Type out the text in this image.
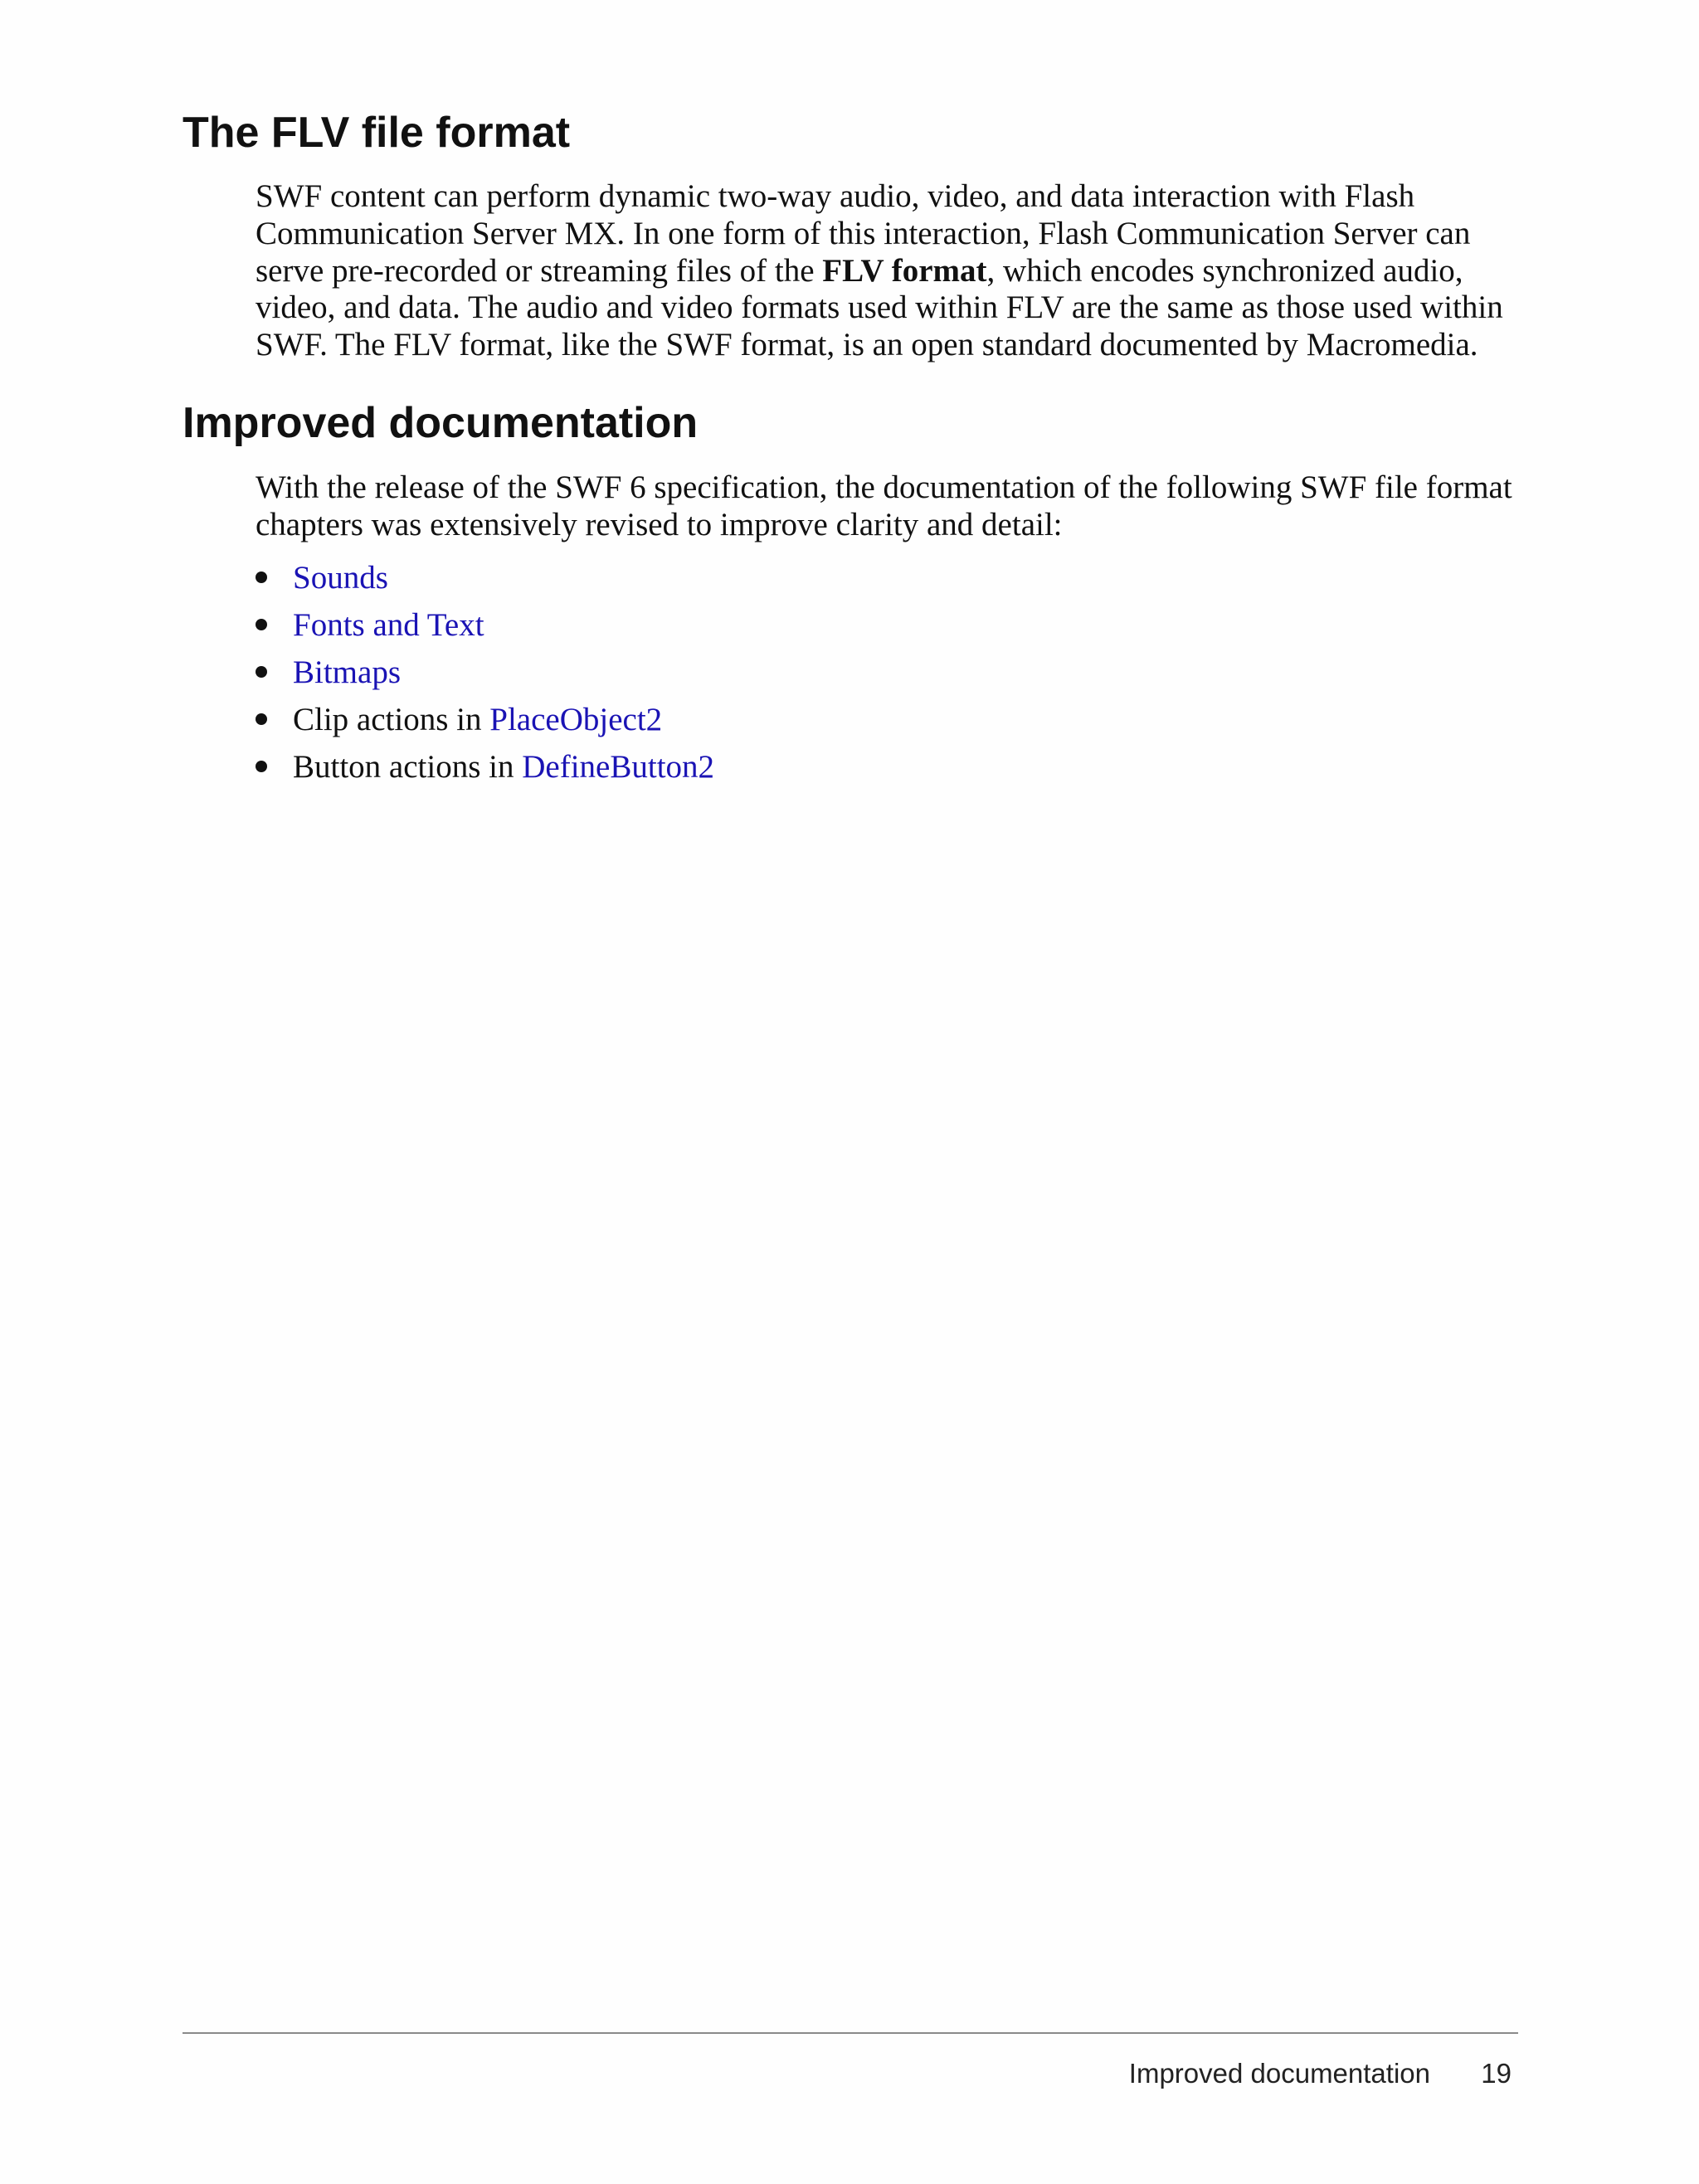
The FLV file format

SWF content can perform dynamic two-way audio, video, and data interaction with Flash
Communication Server MX. In one form of this interaction, Flash Communication Server can
serve pre-recorded or streaming files of the FLV format, which encodes synchronized audio,
video, and data. The audio and video formats used within FLV are the same as those used within
SWF. The FLV format, like the SWF format, is an open standard documented by Macromedia.

Improved documentation

With the release of the SWF 6 specification, the documentation of the following SWF file format
chapters was extensively revised to improve clarity and detail:

Sounds
Fonts and Text
Bitmaps
Clip actions in PlaceObject2
Button actions in DefineButton2
Improved documentation 19
